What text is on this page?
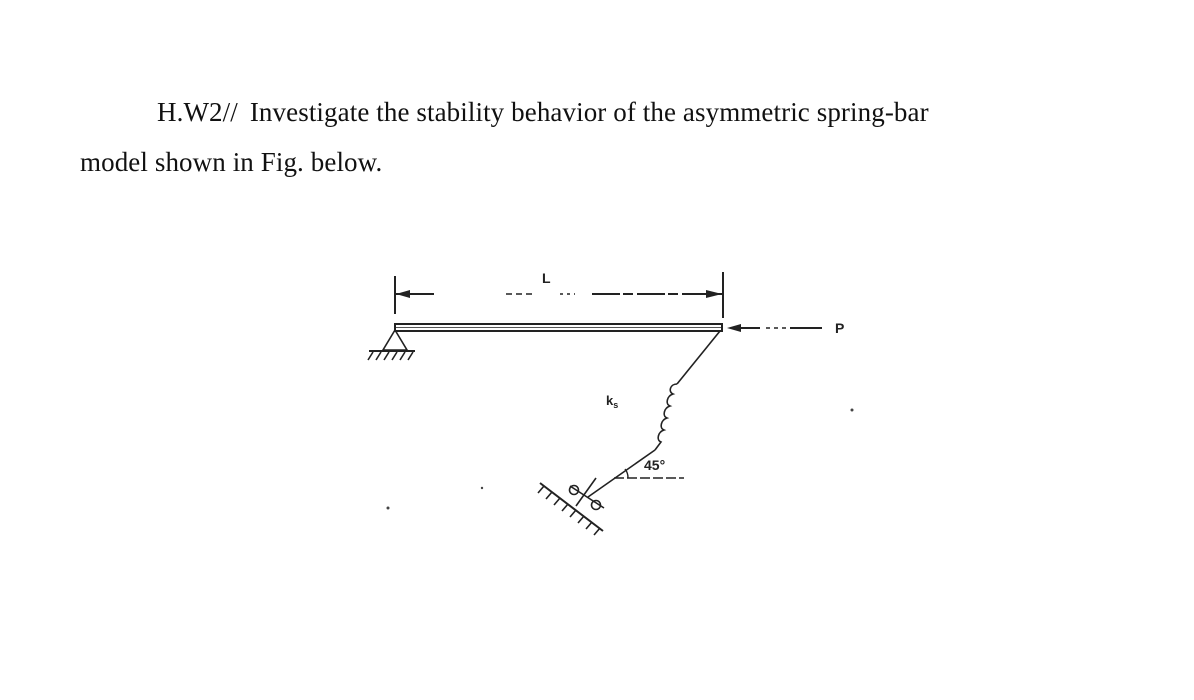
H.W2// Investigate the stability behavior of the asymmetric spring-bar
model shown in Fig. below.
L
P
$k_s$
45°
